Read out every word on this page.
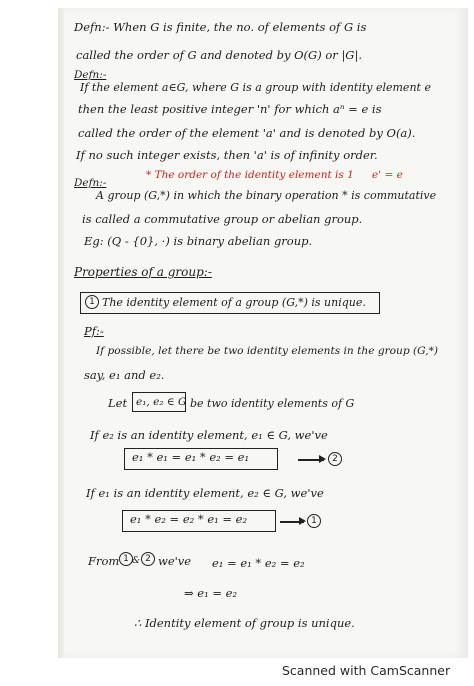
Defn:- When G is finite, the no. of elements of G is
called the order of G and denoted by O(G) or |G|.
Defn:-
If the element a∈G, where G is a group with identity element e
then the least positive integer 'n' for which aⁿ = e is
called the order of the element 'a' and is denoted by O(a).
If no such integer exists, then 'a' is of infinity order.
* The order of the identity element is 1 e' = e
Defn:-
A group (G,*) in which the binary operation * is commutative
is called a commutative group or abelian group.
Eg: (Q - {0}, ·) is binary abelian group.
Properties of a group:-
1 The identity element of a group (G,*) is unique.
Pf:-
If possible, let there be two identity elements in the group (G,*)
say, e₁ and e₂.
Let e₁, e₂ ∈ G be two identity elements of G
If e₂ is an identity element, e₁ ∈ G, we've
e₁ * e₁ = e₁ * e₂ = e₁	2
If e₁ is an identity element, e₂ ∈ G, we've
e₁ * e₂ = e₂ * e₁ = e₂	1
From 1 & 2 we've e₁ = e₁ * e₂ = e₂
⇒ e₁ = e₂
∴ Identity element of group is unique.
Scanned with CamScanner
